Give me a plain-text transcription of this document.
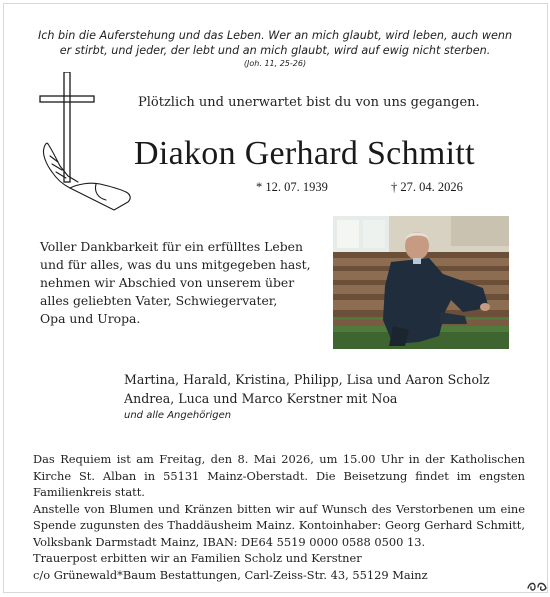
Ich bin die Auferstehung und das Leben. Wer an mich glaubt, wird leben, auch wenn

er stirbt, und jeder, der lebt und an mich glaubt, wird auf ewig nicht sterben.

(Joh. 11, 25-26)
Plötzlich und unerwartet bist du von uns gegangen.
Diakon Gerhard Schmitt
* 12. 07. 1939	† 27. 04. 2026
Voller Dankbarkeit für ein erfülltes Leben
und für alles, was du uns mitgegeben hast,
nehmen wir Abschied von unserem über
alles geliebten Vater, Schwiegervater,
Opa und Uropa.
Martina, Harald, Kristina, Philipp, Lisa und Aaron Scholz
Andrea, Luca und Marco Kerstner mit Noa
und alle Angehörigen

Das Requiem ist am Freitag, den 8. Mai 2026, um 15.00 Uhr in der Katholischen Kirche St. Alban in 55131 Mainz-Oberstadt. Die Beisetzung findet im engsten Familienkreis statt.

Anstelle von Blumen und Kränzen bitten wir auf Wunsch des Verstorbenen um eine Spende zugunsten des Thaddäusheim Mainz. Kontoinhaber: Georg Gerhard Schmitt, Volksbank Darmstadt Mainz, IBAN: DE64 5519 0000 0588 0500 13.

Trauerpost erbitten wir an Familien Scholz und Kerstner

c/o Grünewald*Baum Bestattungen, Carl-Zeiss-Str. 43, 55129 Mainz
